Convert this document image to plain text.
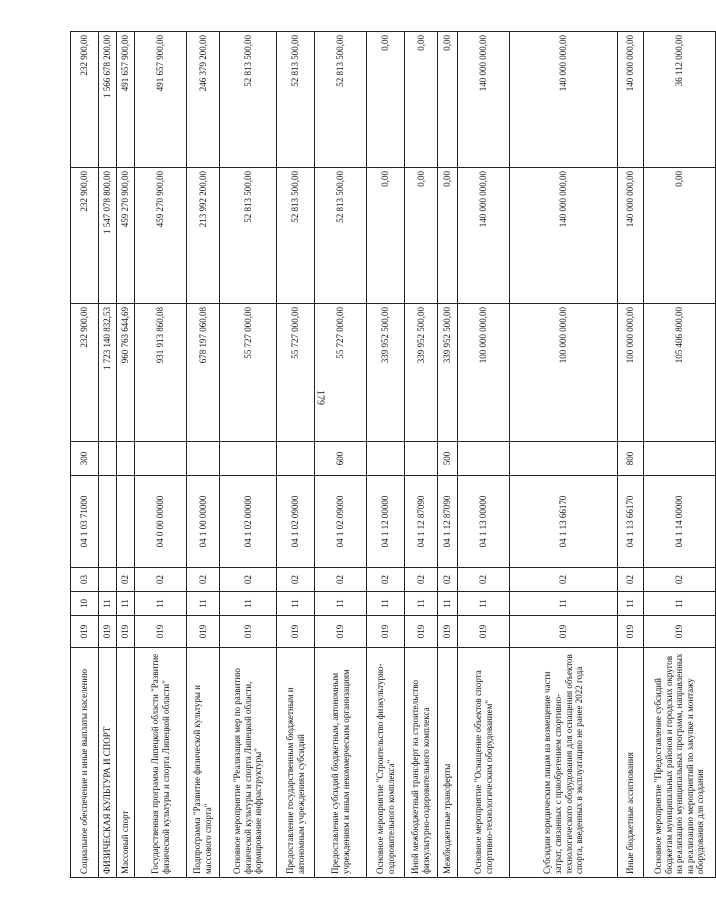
179
Социальное обеспечение и иные выплаты населению	019	10	03	04 1 03 71000	300	232 900,00	232 900,00	232 900,00
ФИЗИЧЕСКАЯ КУЛЬТУРА И СПОРТ	019	11				1 723 140 832,53	1 547 078 800,00	1 566 678 200,00
Массовый спорт	019	11	02			960 763 644,69	459 270 900,00	491 657 900,00
Государственная программа Липецкой области "Развитие физической культуры и спорта Липецкой области"	019	11	02	04 0 00 00000		931 913 860,08	459 270 900,00	491 657 900,00
Подпрограмма "Развитие физической культуры и массового спорта"	019	11	02	04 1 00 00000		678 197 060,08	213 992 200,00	246 379 200,00
Основное мероприятие "Реализация мер по развитию физической культуры и спорта Липецкой области, формирование инфраструктуры"	019	11	02	04 1 02 00000		55 727 000,00	52 813 500,00	52 813 500,00
Предоставление государственным бюджетным и автономным учреждениям субсидий	019	11	02	04 1 02 09000		55 727 000,00	52 813 500,00	52 813 500,00
Предоставление субсидий бюджетным, автономным учреждениям и иным некоммерческим организациям	019	11	02	04 1 02 09000	600	55 727 000,00	52 813 500,00	52 813 500,00
Основное мероприятие "Строительство физкультурно-оздоровительного комплекса"	019	11	02	04 1 12 00000		339 952 500,00	0,00	0,00
Иной межбюджетный трансферт на строительство физкультурно-оздоровительного комплекса	019	11	02	04 1 12 87090		339 952 500,00	0,00	0,00
Межбюджетные трансферты	019	11	02	04 1 12 87090	500	339 952 500,00	0,00	0,00
Основное мероприятие "Оснащение объектов спорта спортивно-технологическим оборудованием"	019	11	02	04 1 13 00000		100 000 000,00	140 000 000,00	140 000 000,00
Субсидии юридическим лицам на возмещение части затрат, связанных с приобретением спортивно-технологического оборудования для оснащения объектов спорта, введенных в эксплуатацию не ранее 2022 года	019	11	02	04 1 13 66170		100 000 000,00	140 000 000,00	140 000 000,00
Иные бюджетные ассигнования	019	11	02	04 1 13 66170	800	100 000 000,00	140 000 000,00	140 000 000,00
Основное мероприятие "Предоставление субсидий бюджетам муниципальных районов и городских округов на реализацию муниципальных программ, направленных на реализацию мероприятий по закупке и монтажу оборудования для создания	019	11	02	04 1 14 00000		105 406 800,00	0,00	36 112 000,00
